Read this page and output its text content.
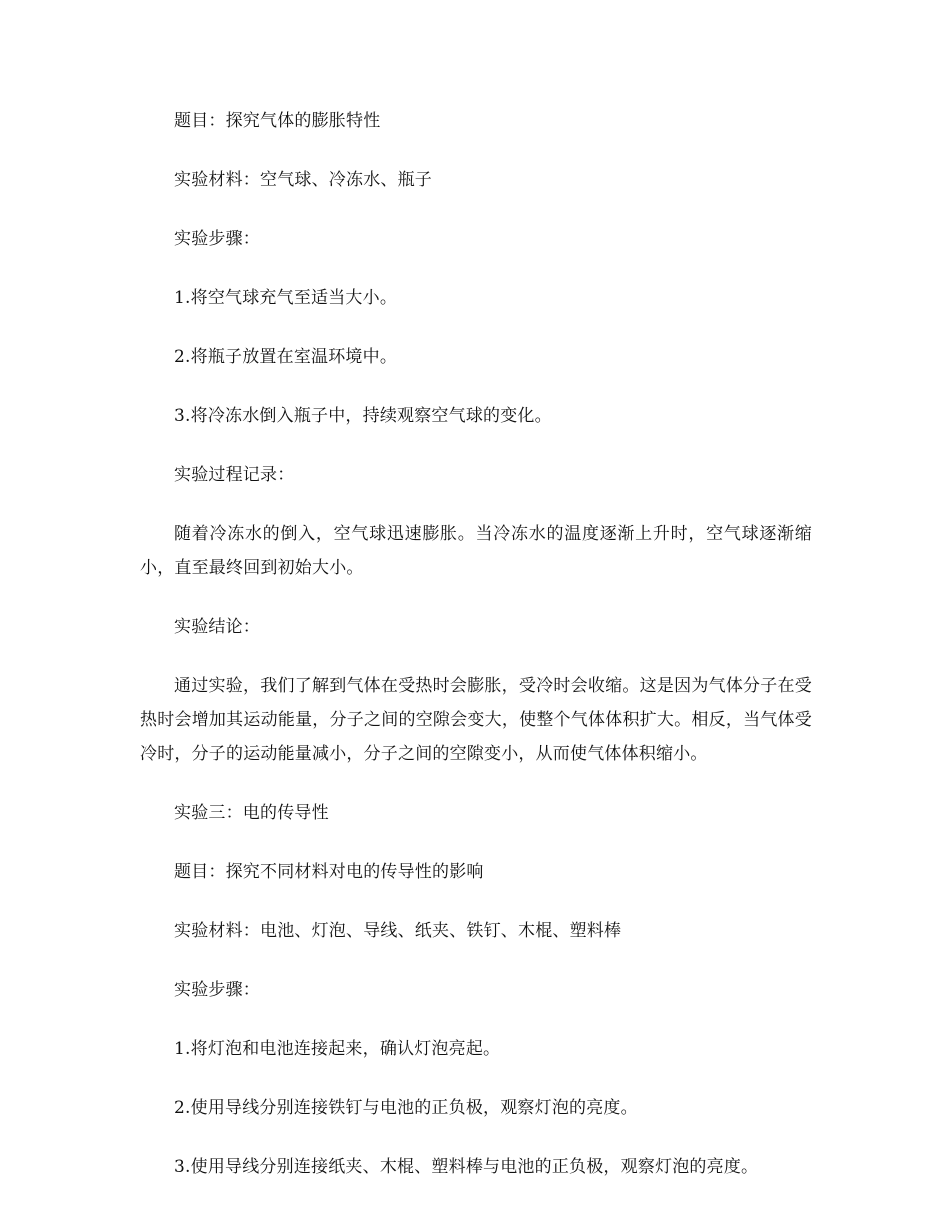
题目：探究气体的膨胀特性

实验材料：空气球、冷冻水、瓶子

实验步骤：

1.将空气球充气至适当大小。

2.将瓶子放置在室温环境中。

3.将冷冻水倒入瓶子中，持续观察空气球的变化。

实验过程记录：

随着冷冻水的倒入，空气球迅速膨胀。当冷冻水的温度逐渐上升时，空气球逐渐缩小，直至最终回到初始大小。

实验结论：

通过实验，我们了解到气体在受热时会膨胀，受冷时会收缩。这是因为气体分子在受热时会增加其运动能量，分子之间的空隙会变大，使整个气体体积扩大。相反，当气体受冷时，分子的运动能量减小，分子之间的空隙变小，从而使气体体积缩小。

实验三：电的传导性

题目：探究不同材料对电的传导性的影响

实验材料：电池、灯泡、导线、纸夹、铁钉、木棍、塑料棒

实验步骤：

1.将灯泡和电池连接起来，确认灯泡亮起。

2.使用导线分别连接铁钉与电池的正负极，观察灯泡的亮度。

3.使用导线分别连接纸夹、木棍、塑料棒与电池的正负极，观察灯泡的亮度。
